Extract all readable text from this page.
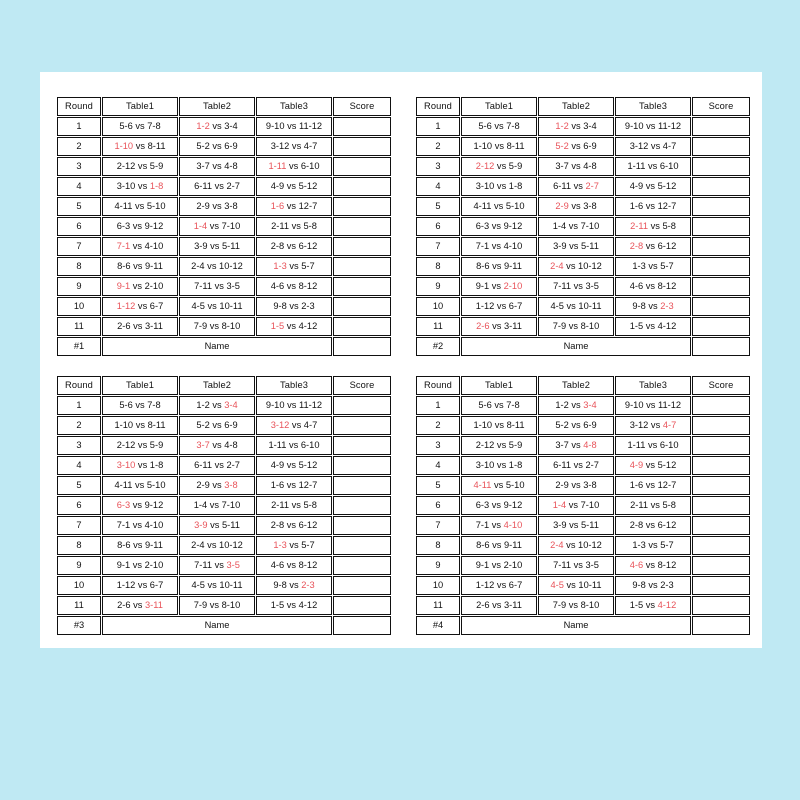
Round	Table1	Table2	Table3	Score
1	5-6 vs 7-8	1-2 vs 3-4	9-10 vs 11-12	
2	1-10 vs 8-11	5-2 vs 6-9	3-12 vs 4-7	
3	2-12 vs 5-9	3-7 vs 4-8	1-11 vs 6-10	
4	3-10 vs 1-8	6-11 vs 2-7	4-9 vs 5-12	
5	4-11 vs 5-10	2-9 vs 3-8	1-6 vs 12-7	
6	6-3 vs 9-12	1-4 vs 7-10	2-11 vs 5-8	
7	7-1 vs 4-10	3-9 vs 5-11	2-8 vs 6-12	
8	8-6 vs 9-11	2-4 vs 10-12	1-3 vs 5-7	
9	9-1 vs 2-10	7-11 vs 3-5	4-6 vs 8-12	
10	1-12 vs 6-7	4-5 vs 10-11	9-8 vs 2-3	
11	2-6 vs 3-11	7-9 vs 8-10	1-5 vs 4-12	
#1	Name			
Round	Table1	Table2	Table3	Score
1	5-6 vs 7-8	1-2 vs 3-4	9-10 vs 11-12	
2	1-10 vs 8-11	5-2 vs 6-9	3-12 vs 4-7	
3	2-12 vs 5-9	3-7 vs 4-8	1-11 vs 6-10	
4	3-10 vs 1-8	6-11 vs 2-7	4-9 vs 5-12	
5	4-11 vs 5-10	2-9 vs 3-8	1-6 vs 12-7	
6	6-3 vs 9-12	1-4 vs 7-10	2-11 vs 5-8	
7	7-1 vs 4-10	3-9 vs 5-11	2-8 vs 6-12	
8	8-6 vs 9-11	2-4 vs 10-12	1-3 vs 5-7	
9	9-1 vs 2-10	7-11 vs 3-5	4-6 vs 8-12	
10	1-12 vs 6-7	4-5 vs 10-11	9-8 vs 2-3	
11	2-6 vs 3-11	7-9 vs 8-10	1-5 vs 4-12	
#2	Name			
Round	Table1	Table2	Table3	Score
1	5-6 vs 7-8	1-2 vs 3-4	9-10 vs 11-12	
2	1-10 vs 8-11	5-2 vs 6-9	3-12 vs 4-7	
3	2-12 vs 5-9	3-7 vs 4-8	1-11 vs 6-10	
4	3-10 vs 1-8	6-11 vs 2-7	4-9 vs 5-12	
5	4-11 vs 5-10	2-9 vs 3-8	1-6 vs 12-7	
6	6-3 vs 9-12	1-4 vs 7-10	2-11 vs 5-8	
7	7-1 vs 4-10	3-9 vs 5-11	2-8 vs 6-12	
8	8-6 vs 9-11	2-4 vs 10-12	1-3 vs 5-7	
9	9-1 vs 2-10	7-11 vs 3-5	4-6 vs 8-12	
10	1-12 vs 6-7	4-5 vs 10-11	9-8 vs 2-3	
11	2-6 vs 3-11	7-9 vs 8-10	1-5 vs 4-12	
#3	Name			
Round	Table1	Table2	Table3	Score
1	5-6 vs 7-8	1-2 vs 3-4	9-10 vs 11-12	
2	1-10 vs 8-11	5-2 vs 6-9	3-12 vs 4-7	
3	2-12 vs 5-9	3-7 vs 4-8	1-11 vs 6-10	
4	3-10 vs 1-8	6-11 vs 2-7	4-9 vs 5-12	
5	4-11 vs 5-10	2-9 vs 3-8	1-6 vs 12-7	
6	6-3 vs 9-12	1-4 vs 7-10	2-11 vs 5-8	
7	7-1 vs 4-10	3-9 vs 5-11	2-8 vs 6-12	
8	8-6 vs 9-11	2-4 vs 10-12	1-3 vs 5-7	
9	9-1 vs 2-10	7-11 vs 3-5	4-6 vs 8-12	
10	1-12 vs 6-7	4-5 vs 10-11	9-8 vs 2-3	
11	2-6 vs 3-11	7-9 vs 8-10	1-5 vs 4-12	
#4	Name			
